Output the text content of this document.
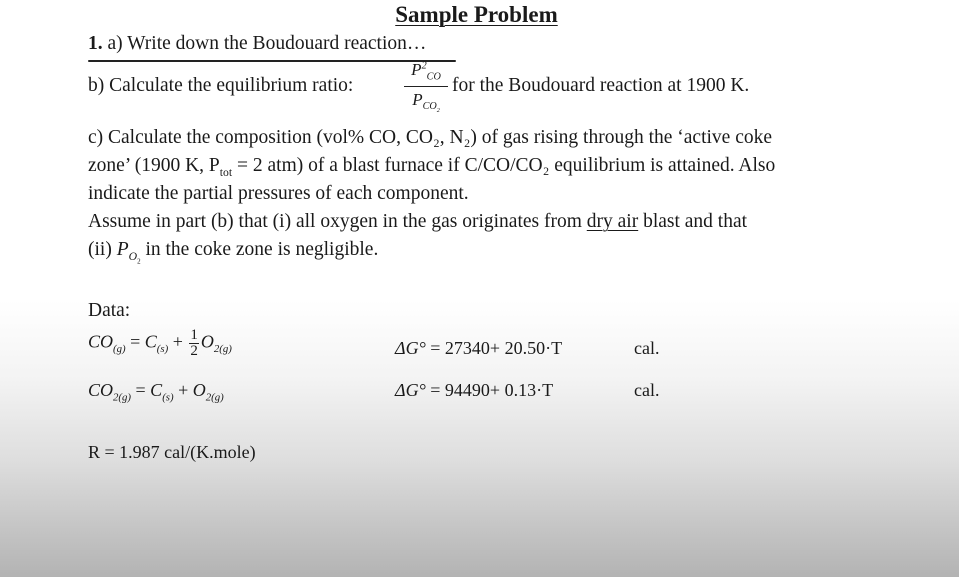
Sample Problem
1. a) Write down the Boudouard reaction…
b) Calculate the equilibrium ratio:
$P^2_{CO}$
$P_{CO_2}$
for the Boudouard reaction at 1900 K.
c) Calculate the composition (vol% CO, CO₂, N₂) of gas rising through the ‘active coke
zone’ (1900 K, $P_{tot} = 2$ atm) of a blast furnace if C/CO/CO₂ equilibrium is attained. Also
indicate the partial pressures of each component.
Assume in part (b) that (i) all oxygen in the gas originates from dry air blast and that
(ii) $P_{O_2}$ in the coke zone is negligible.
Data:
$CO_{(g)} = C_{(s)} + \frac{1}{2} O_{2(g)}$	ΔG° = 27340+ 20.50·T	cal.
$CO_{2(g)} = C_{(s)} + O_{2(g)}$	ΔG° = 94490+ 0.13·T	cal.
R = 1.987 cal/(K.mole)
